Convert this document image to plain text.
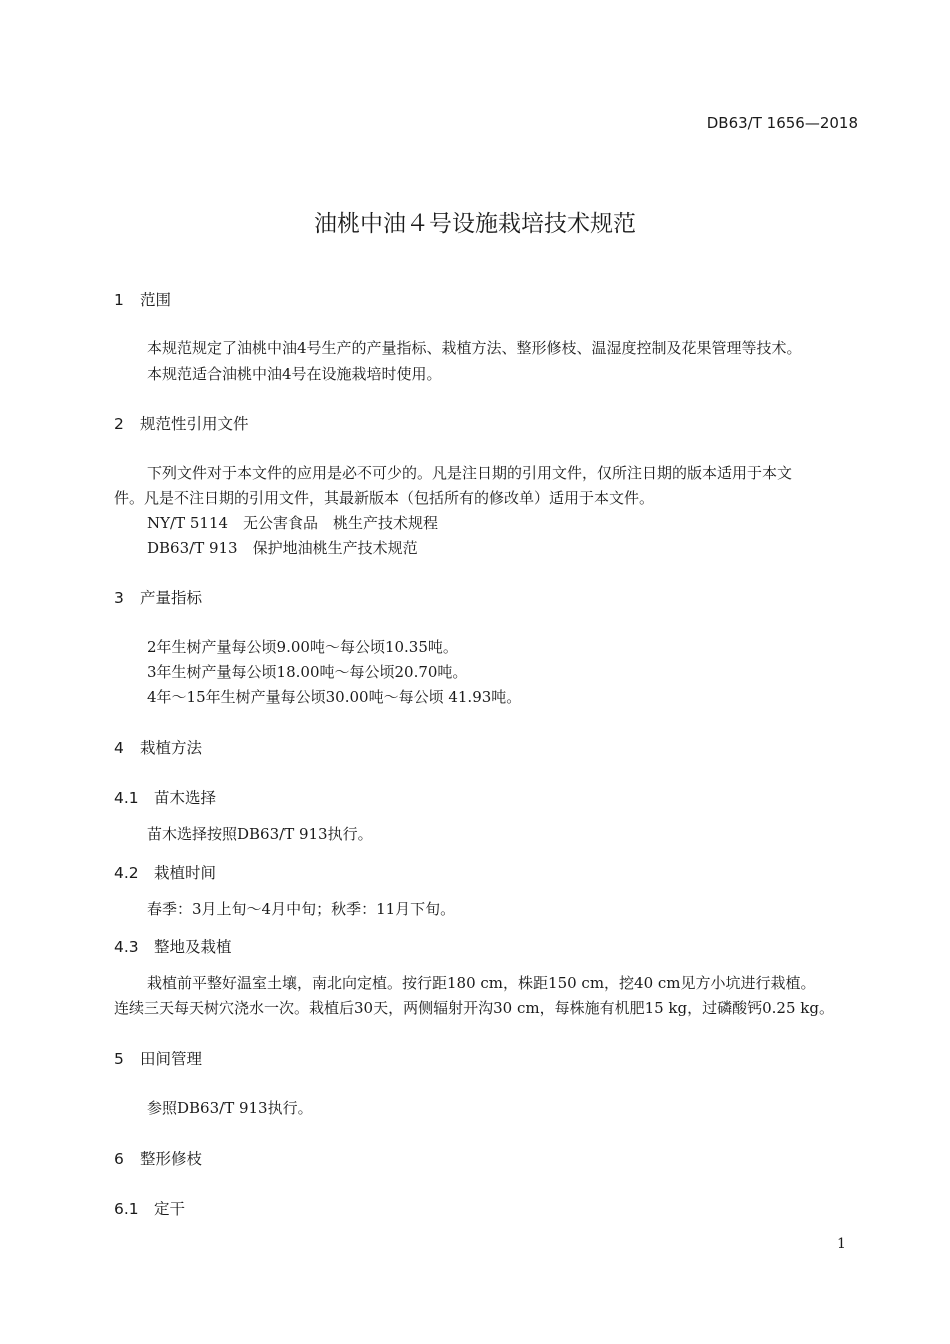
DB63/T 1656—2018
油桃中油４号设施栽培技术规范
1 范围
本规范规定了油桃中油4号生产的产量指标、栽植方法、整形修枝、温湿度控制及花果管理等技术。
本规范适合油桃中油4号在设施栽培时使用。
2 规范性引用文件
下列文件对于本文件的应用是必不可少的。凡是注日期的引用文件，仅所注日期的版本适用于本文
件。凡是不注日期的引用文件，其最新版本（包括所有的修改单）适用于本文件。
NY/T 5114　无公害食品　桃生产技术规程
DB63/T 913　保护地油桃生产技术规范
3 产量指标
2年生树产量每公顷9.00吨～每公顷10.35吨。
3年生树产量每公顷18.00吨～每公顷20.70吨。
4年～15年生树产量每公顷30.00吨～每公顷 41.93吨。
4 栽植方法
4.1 苗木选择
苗木选择按照DB63/T 913执行。
4.2 栽植时间
春季：3月上旬～4月中旬；秋季：11月下旬。
4.3 整地及栽植
栽植前平整好温室土壤，南北向定植。按行距180 cm，株距150 cm，挖40 cm见方小坑进行栽植。
连续三天每天树穴浇水一次。栽植后30天，两侧辐射开沟30 cm，每株施有机肥15 kg，过磷酸钙0.25 kg。
5 田间管理
参照DB63/T 913执行。
6 整形修枝
6.1 定干
1
